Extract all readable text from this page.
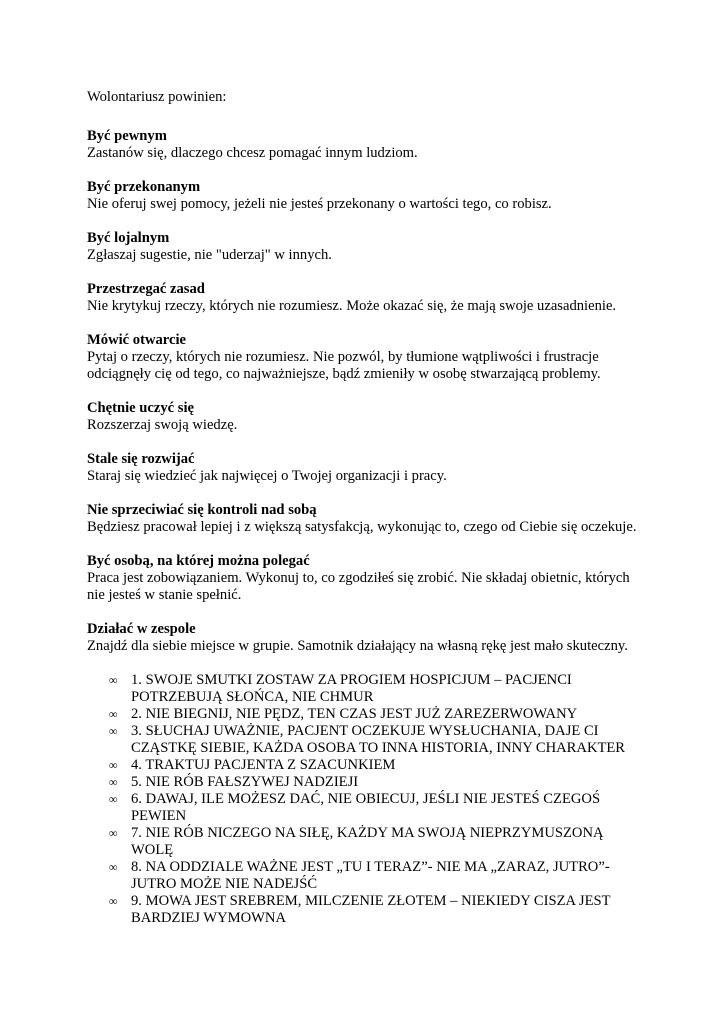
Wolontariusz powinien:

Być pewnym

Zastanów się, dlaczego chcesz pomagać innym ludziom.

Być przekonanym

Nie oferuj swej pomocy, jeżeli nie jesteś przekonany o wartości tego, co robisz.

Być lojalnym

Zgłaszaj sugestie, nie "uderzaj" w innych.

Przestrzegać zasad

Nie krytykuj rzeczy, których nie rozumiesz. Może okazać się, że mają swoje uzasadnienie.

Mówić otwarcie

Pytaj o rzeczy, których nie rozumiesz. Nie pozwól, by tłumione wątpliwości i frustracje odciągnęły cię od tego, co najważniejsze, bądź zmieniły w osobę stwarzającą problemy.

Chętnie uczyć się

Rozszerzaj swoją wiedzę.

Stale się rozwijać

Staraj się wiedzieć jak najwięcej o Twojej organizacji i pracy.

Nie sprzeciwiać się kontroli nad sobą

Będziesz pracował lepiej i z większą satysfakcją, wykonując to, czego od Ciebie się oczekuje.

Być osobą, na której można polegać

Praca jest zobowiązaniem. Wykonuj to, co zgodziłeś się zrobić. Nie składaj obietnic, których nie jesteś w stanie spełnić.

Działać w zespole

Znajdź dla siebie miejsce w grupie. Samotnik działający na własną rękę jest mało skuteczny.

∞ 1. SWOJE SMUTKI ZOSTAW ZA PROGIEM HOSPICJUM – PACJENCI POTRZEBUJĄ SŁOŃCA, NIE CHMUR
∞ 2. NIE BIEGNIJ, NIE PĘDZ, TEN CZAS JEST JUŻ ZAREZERWOWANY
∞ 3. SŁUCHAJ UWAŻNIE, PACJENT OCZEKUJE WYSŁUCHANIA, DAJE CI CZĄSTKĘ SIEBIE, KAŻDA OSOBA TO INNA HISTORIA, INNY CHARAKTER
∞ 4. TRAKTUJ PACJENTA Z SZACUNKIEM
∞ 5. NIE RÓB FAŁSZYWEJ NADZIEJI
∞ 6. DAWAJ, ILE MOŻESZ DAĆ, NIE OBIECUJ, JEŚLI NIE JESTEŚ CZEGOŚ PEWIEN
∞ 7. NIE RÓB NICZEGO NA SIŁĘ, KAŻDY MA SWOJĄ NIEPRZYMUSZONĄ WOLĘ
∞ 8. NA ODDZIALE WAŻNE JEST „TU I TERAZ”- NIE MA „ZARAZ, JUTRO”- JUTRO MOŻE NIE NADEJŚĆ
∞ 9. MOWA JEST SREBREM, MILCZENIE ZŁOTEM – NIEKIEDY CISZA JEST BARDZIEJ WYMOWNA
